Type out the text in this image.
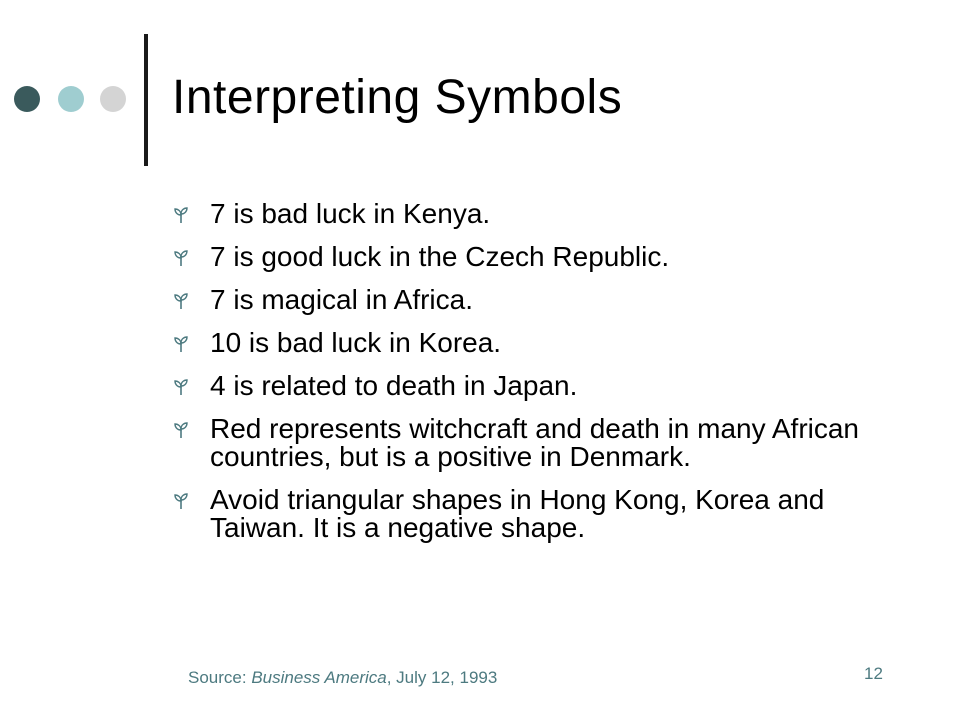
Interpreting Symbols
7 is bad luck in Kenya.
7 is good luck in the Czech Republic.
7 is magical in Africa.
10 is bad luck in Korea.
4 is related to death in Japan.
Red represents witchcraft and death in many African countries, but is a positive in Denmark.
Avoid triangular shapes in Hong Kong, Korea and Taiwan. It is a negative shape.
Source: Business America, July 12, 1993	12
